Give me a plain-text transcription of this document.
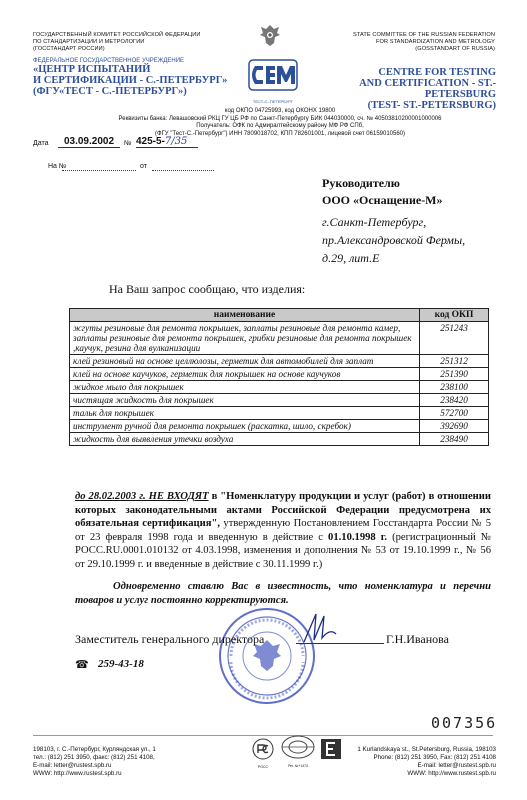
ГОСУДАРСТВЕННЫЙ КОМИТЕТ РОССИЙСКОЙ ФЕДЕРАЦИИ
ПО СТАНДАРТИЗАЦИИ И МЕТРОЛОГИИ
(ГОССТАНДАРТ РОССИИ)
STATE COMMITTEE OF THE RUSSIAN FEDERATION
FOR STANDARDIZATION AND METROLOGY
(GOSSTANDART OF RUSSIA)
ФЕДЕРАЛЬНОЕ ГОСУДАРСТВЕННОЕ УЧРЕЖДЕНИЕ
«ЦЕНТР ИСПЫТАНИЙ
И СЕРТИФИКАЦИИ - С.-ПЕТЕРБУРГ»
(ФГУ«ТЕСТ - С.-ПЕТЕРБУРГ»)
ТЕСТ-С.-ПЕТЕРБУРГ
CENTRE FOR TESTING
AND CERTIFICATION - ST.-PETERSBURG
(TEST- ST.-PETERSBURG)
код ОКПО 04725993, код ОКОНХ 19800
Реквизиты банка: Левашовский РКЦ ГУ ЦБ РФ по Санкт-Петербургу БИК 044030000, сч. № 40503810200001000006
Получатель: ОФК по Адмиралтейскому району МФ РФ СПб,
(ФГУ "Тест-С.-Петербург") ИНН 7809018702, КПП 782601001, лицевой счет 06159010560)
Дата	03.09.2002	№ 425-5-7/35
На №	от
Руководителю
ООО «Оснащение-М»
г.Санкт-Петербург,
пр.Александровской Фермы,
д.29, лит.Е
На Ваш запрос сообщаю, что изделия:
наименование	код ОКП
жгуты резиновые для ремонта покрышек, заплаты резиновые для ремонта камер, заплаты резиновые для ремонта покрышек, грибки резиновые для ремонта покрышек ,каучук, резина для вулканизации	251243
клей резиновый на основе целлюлозы, герметик для автомобилей для заплат	251312
клей на основе каучуков, герметик для покрышек на основе каучуков	251390
жидкое мыло для покрышек	238100
чистящая жидкость для покрышек	238420
тальк для покрышек	572700
инструмент ручной для ремонта покрышек (раскатка, шило, скребок)	392690
жидкость для выявления утечки воздуха	238490
до 28.02.2003 г. НЕ ВХОДЯТ в "Номенклатуру продукции и услуг (работ) в отношении которых законодательными актами Российской Федерации предусмотрена их обязательная сертификация", утвержденную Постановлением Госстандарта России № 5 от 23 февраля 1998 года и введенную в действие с 01.10.1998 г. (регистрационный № РОСС.RU.0001.010132 от 4.03.1998, изменения и дополнения № 53 от 19.10.1999 г., № 56 от 29.10.1999 г. и введенные в действие с 30.11.1999 г.)
Одновременно ставлю Вас в известность, что номенклатура и перечни товаров и услуг постоянно корректируются.
Заместитель генерального директора	Г.Н.Иванова
☎ 259-43-18
007356
198103, г. С.-Петербург, Курляндская ул., 1
тел.: (812) 251 3950, факс: (812) 251 4108,
E-mail: letter@rustest.spb.ru
WWW: http://www.rustest.spb.ru
РОСС	Рег. №+1474
1 Kurlandskaya st., St.Petersburg, Russia, 198103
Phone: (812) 251 3950, Fax: (812) 251 4108
E-mail: letter@rustest.spb.ru
WWW: http://www.rustest.spb.ru
